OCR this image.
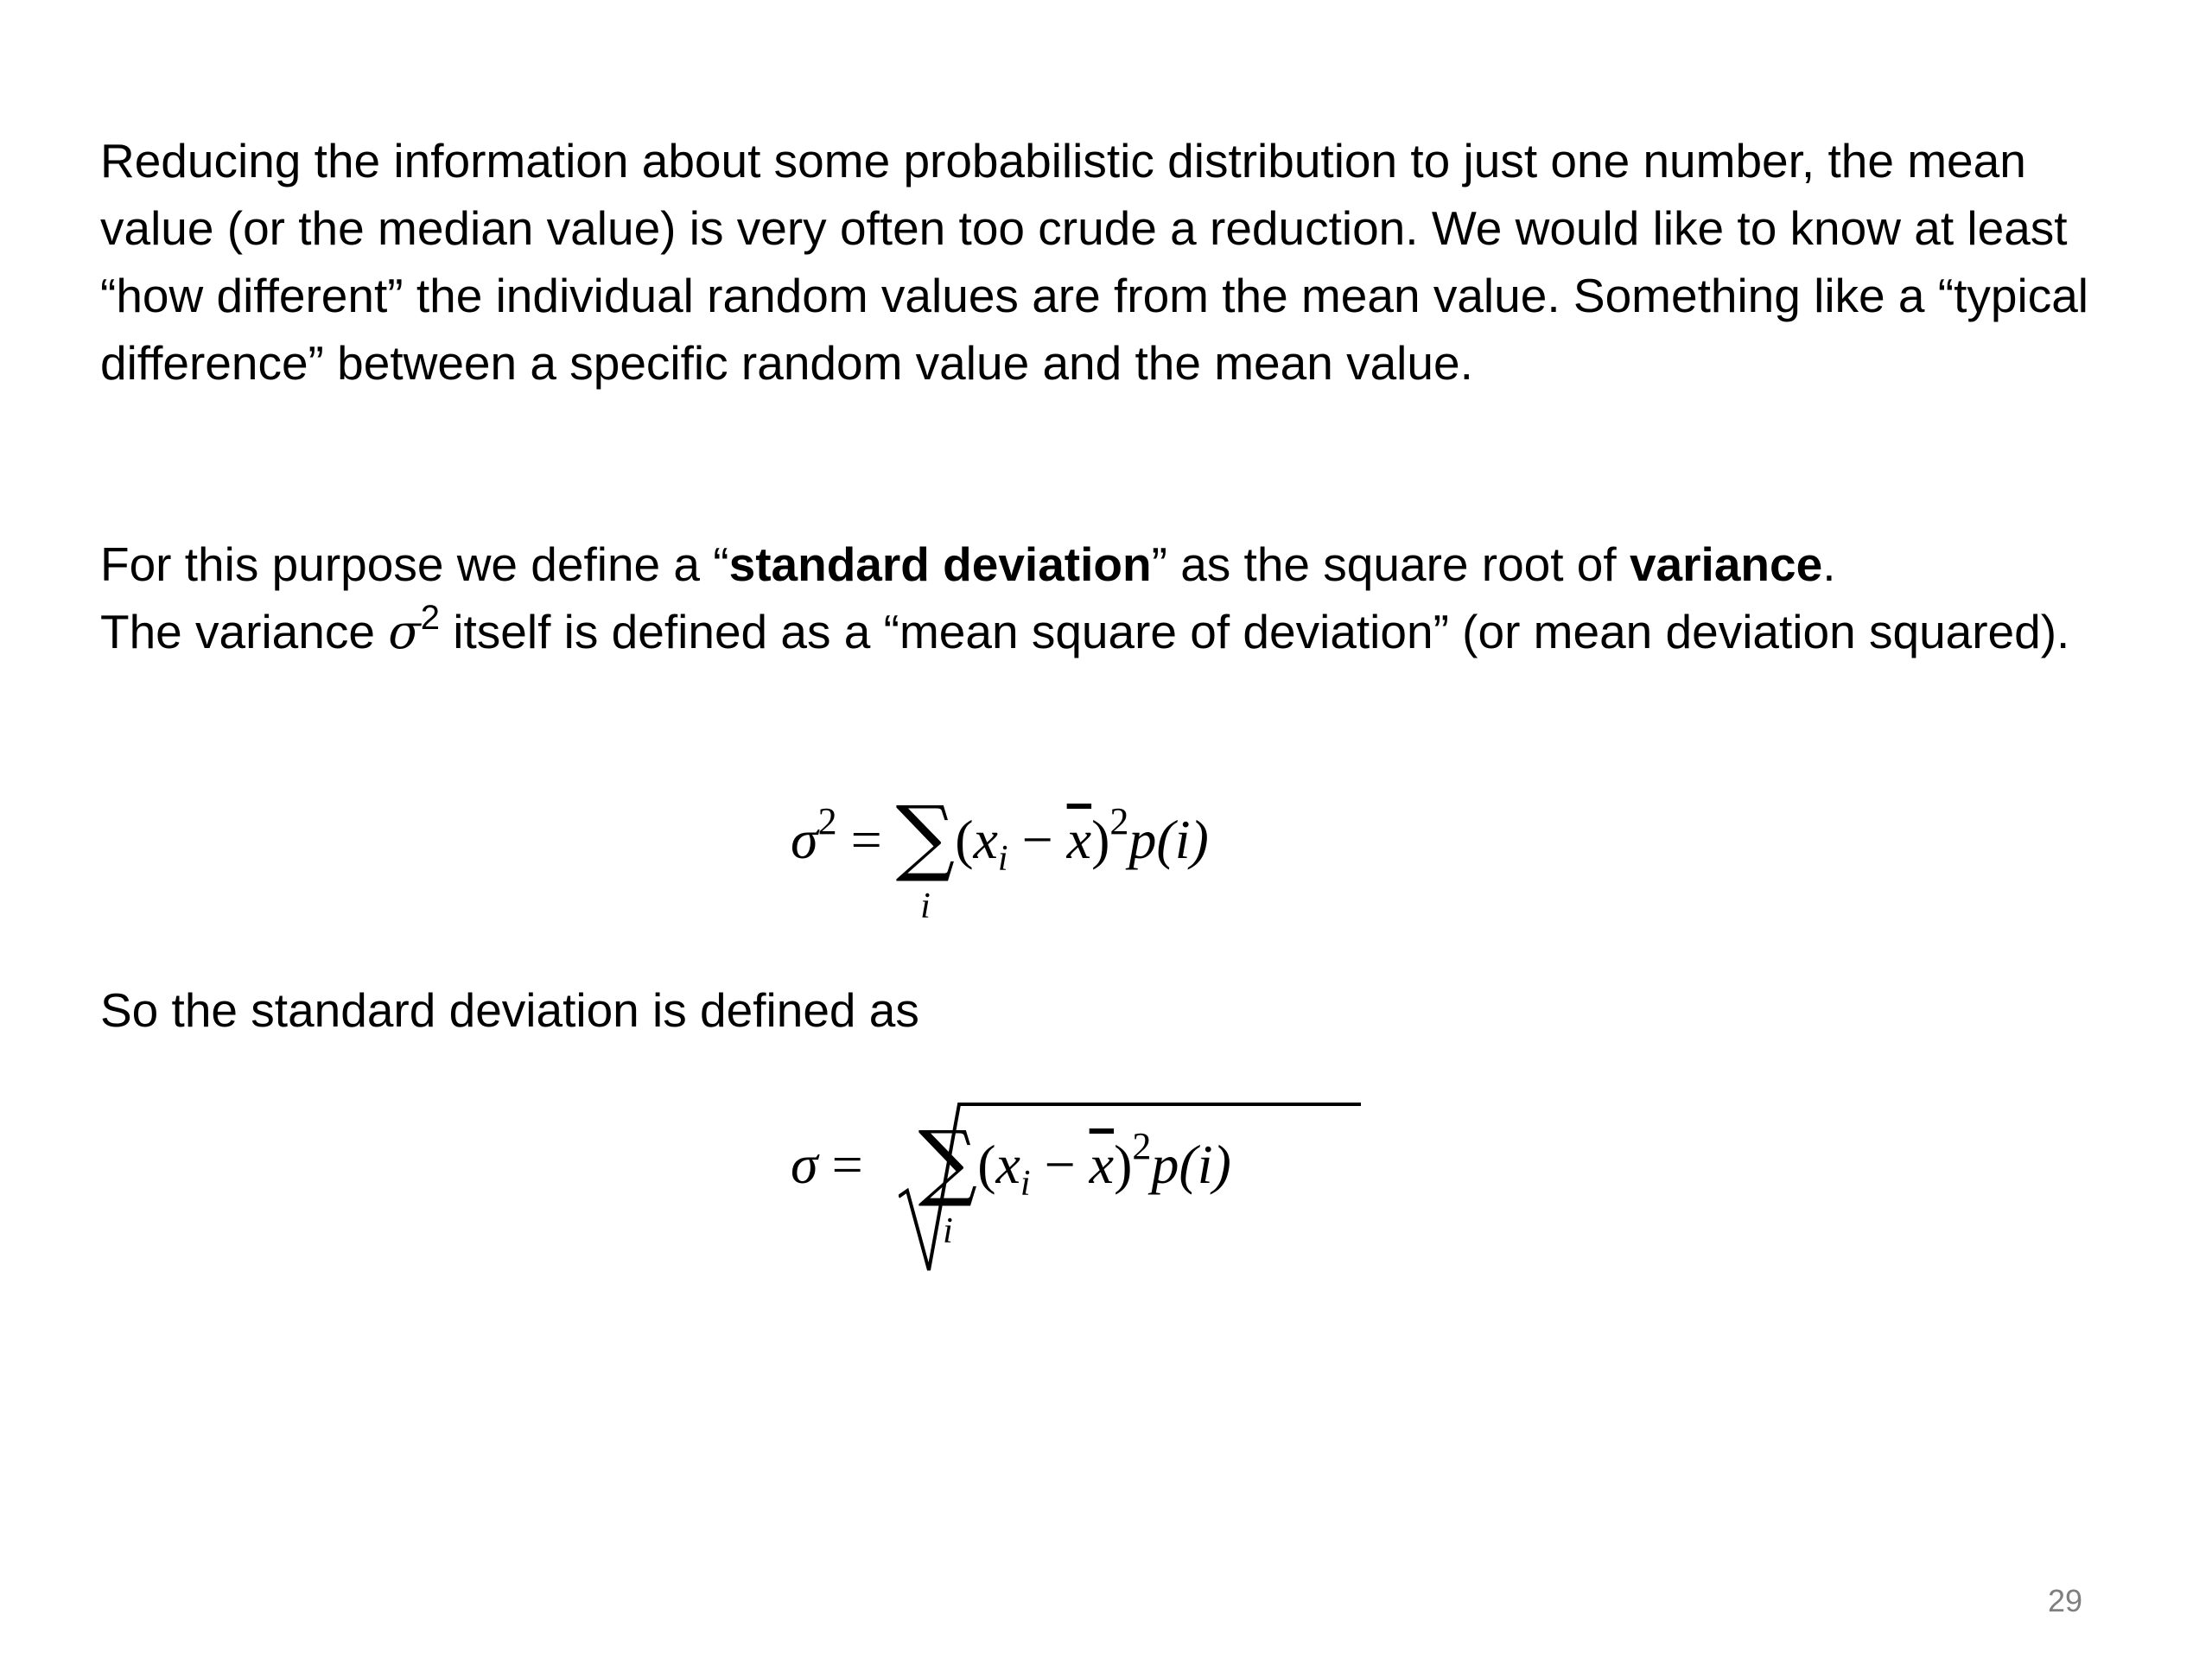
Reducing the information about some probabilistic distribution to just one number, the mean value (or the median value) is very often too crude a reduction. We would like to know at least “how different” the individual random values are from the mean value. Something like a “typical difference” between a specific random value and the mean value.

For this purpose we define a “standard deviation” as the square root of variance.
The variance $\sigma^2$ itself is defined as a “mean square of deviation” (or mean deviation squared).

$\sigma^2$ = ∑
i
$(x_i - \overline{x})^2p(i)$

So the standard deviation is defined as

σ = ∑
i
$(x_i - \overline{x})^2p(i)$
29
